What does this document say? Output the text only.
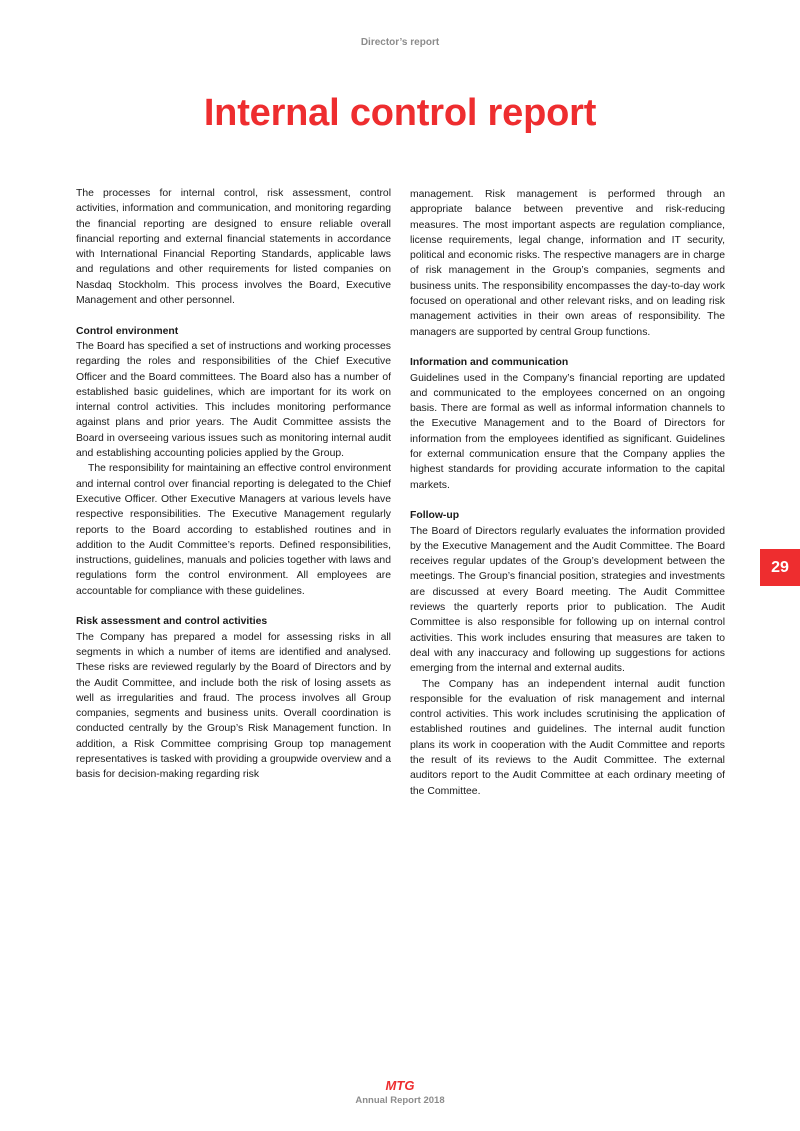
Director’s report
Internal control report

The processes for internal control, risk assessment, control activities, information and communication, and monitoring regarding the financial reporting are designed to ensure reliable overall financial reporting and external financial statements in accordance with International Financial Reporting Standards, applicable laws and regulations and other requirements for listed companies on Nasdaq Stockholm. This process involves the Board, Executive Management and other personnel.

Control environment

The Board has specified a set of instructions and working processes regarding the roles and responsibilities of the Chief Executive Officer and the Board committees. The Board also has a number of established basic guidelines, which are important for its work on internal control activities. This includes monitoring performance against plans and prior years. The Audit Committee assists the Board in overseeing various issues such as monitoring internal audit and establishing accounting policies applied by the Group.

The responsibility for maintaining an effective control environment and internal control over financial reporting is delegated to the Chief Executive Officer. Other Executive Managers at various levels have respective responsibilities. The Executive Management regularly reports to the Board according to established routines and in addition to the Audit Committee’s reports. Defined responsibilities, instructions, guidelines, manuals and policies together with laws and regulations form the control environment. All employees are accountable for compliance with these guidelines.

Risk assessment and control activities

The Company has prepared a model for assessing risks in all segments in which a number of items are identified and analysed. These risks are reviewed regularly by the Board of Directors and by the Audit Committee, and include both the risk of losing assets as well as irregularities and fraud. The process involves all Group companies, segments and business units. Overall coordination is conducted centrally by the Group’s Risk Management function. In addition, a Risk Committee comprising Group top management representatives is tasked with providing a groupwide overview and a basis for decision-making regarding risk

management. Risk management is performed through an appropriate balance between preventive and risk-reducing measures. The most important aspects are regulation compliance, license requirements, legal change, information and IT security, political and economic risks. The respective managers are in charge of risk management in the Group’s companies, segments and business units. The responsibility encompasses the day-to-day work focused on operational and other relevant risks, and on leading risk management activities in their own areas of responsibility. The managers are supported by central Group functions.

Information and communication

Guidelines used in the Company’s financial reporting are updated and communicated to the employees concerned on an ongoing basis. There are formal as well as informal information channels to the Executive Management and to the Board of Directors for information from the employees identified as significant. Guidelines for external communication ensure that the Company applies the highest standards for providing accurate information to the capital markets.

Follow-up

The Board of Directors regularly evaluates the information provided by the Executive Management and the Audit Committee. The Board receives regular updates of the Group’s development between the meetings. The Group’s financial position, strategies and investments are discussed at every Board meeting. The Audit Committee reviews the quarterly reports prior to publication. The Audit Committee is also responsible for following up on internal control activities. This work includes ensuring that measures are taken to deal with any inaccuracy and following up suggestions for actions emerging from the internal and external audits.

The Company has an independent internal audit function responsible for the evaluation of risk management and internal control activities. This work includes scrutinising the application of established routines and guidelines. The internal audit function plans its work in cooperation with the Audit Committee and reports the result of its reviews to the Audit Committee. The external auditors report to the Audit Committee at each ordinary meeting of the Committee.

29
MTG
Annual Report 2018
